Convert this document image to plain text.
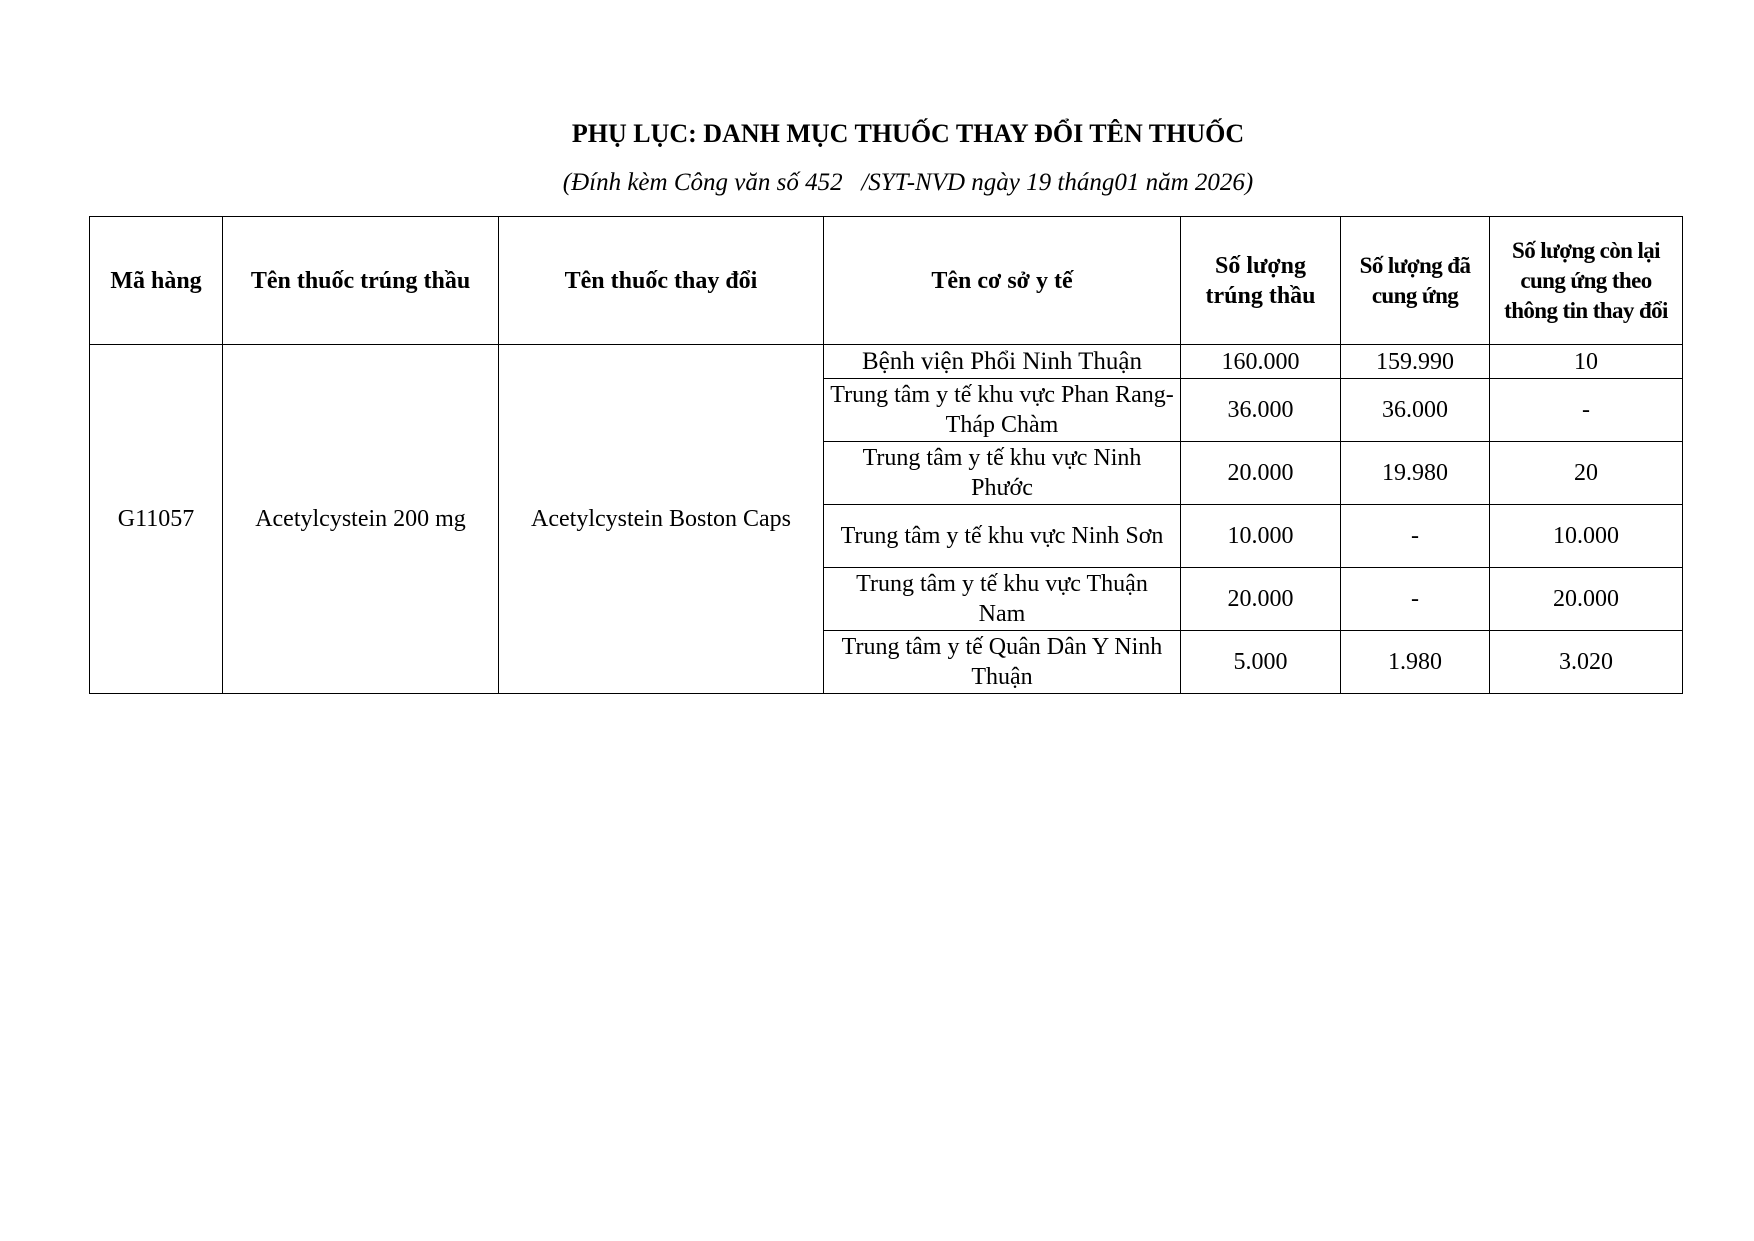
PHỤ LỤC: DANH MỤC THUỐC THAY ĐỔI TÊN THUỐC
(Đính kèm Công văn số 452   /SYT-NVD ngày 19 tháng01 năm 2026)
Mã hàng	Tên thuốc trúng thầu	Tên thuốc thay đổi	Tên cơ sở y tế	Số lượng trúng thầu	Số lượng đã cung ứng	Số lượng còn lại cung ứng theo thông tin thay đổi
G11057	Acetylcystein 200 mg	Acetylcystein Boston Caps	Bệnh viện Phổi Ninh Thuận	160.000	159.990	10
			Trung tâm y tế khu vực Phan Rang-Tháp Chàm	36.000	36.000	-
			Trung tâm y tế khu vực Ninh Phước	20.000	19.980	20
			Trung tâm y tế khu vực Ninh Sơn	10.000	-	10.000
			Trung tâm y tế khu vực Thuận Nam	20.000	-	20.000
			Trung tâm y tế Quân Dân Y Ninh Thuận	5.000	1.980	3.020
